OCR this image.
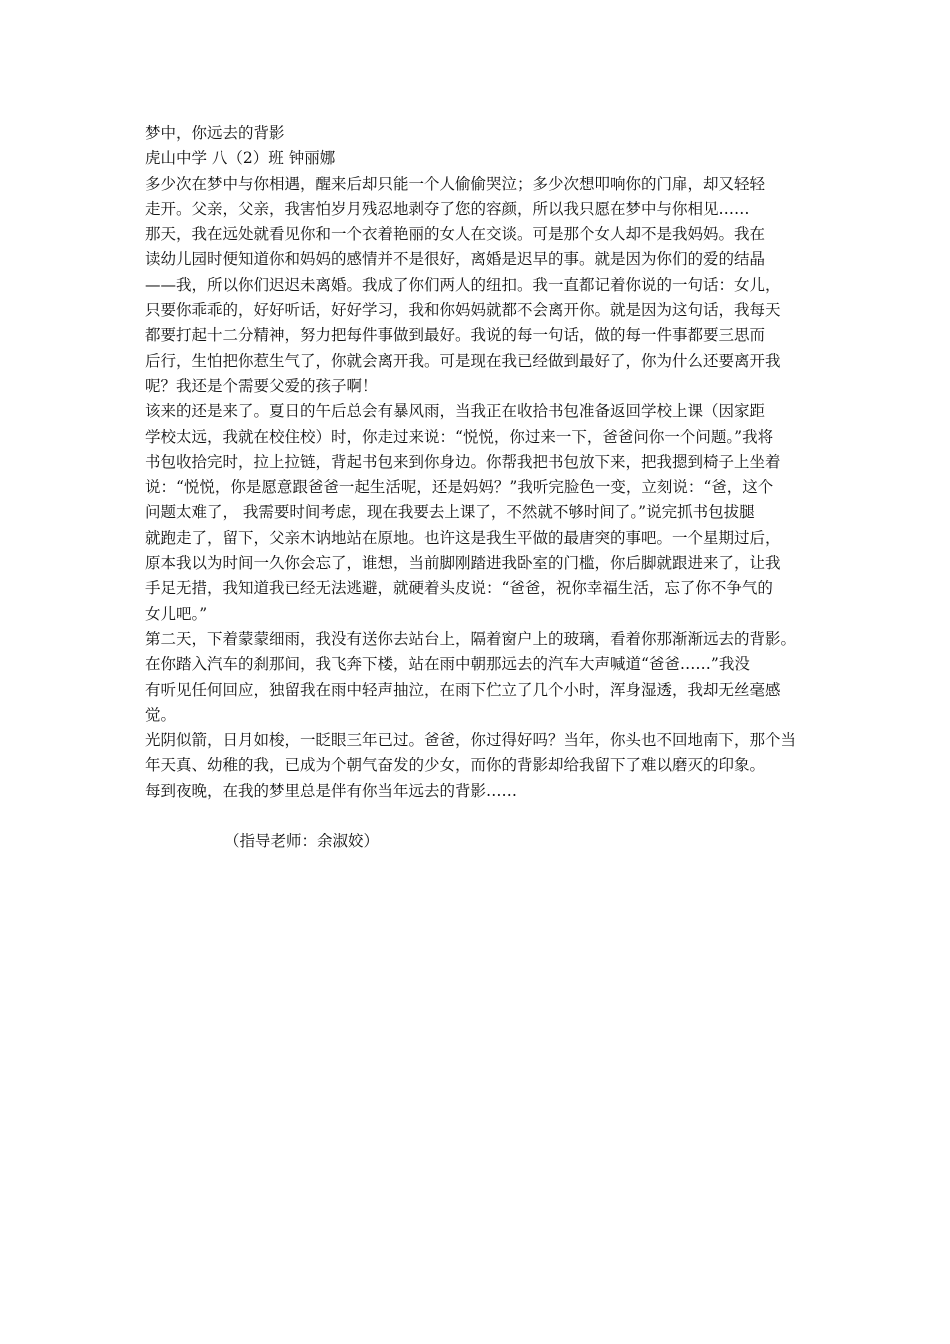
梦中，你远去的背影
虎山中学 八（2）班 钟丽娜
多少次在梦中与你相遇，醒来后却只能一个人偷偷哭泣；多少次想叩响你的门扉，却又轻轻
走开。父亲，父亲，我害怕岁月残忍地剥夺了您的容颜，所以我只愿在梦中与你相见……
那天，我在远处就看见你和一个衣着艳丽的女人在交谈。可是那个女人却不是我妈妈。我在
读幼儿园时便知道你和妈妈的感情并不是很好，离婚是迟早的事。就是因为你们的爱的结晶
——我，所以你们迟迟未离婚。我成了你们两人的纽扣。我一直都记着你说的一句话：女儿，
只要你乖乖的，好好听话，好好学习，我和你妈妈就都不会离开你。就是因为这句话，我每天
都要打起十二分精神，努力把每件事做到最好。我说的每一句话，做的每一件事都要三思而
后行，生怕把你惹生气了，你就会离开我。可是现在我已经做到最好了，你为什么还要离开我
呢？我还是个需要父爱的孩子啊！
该来的还是来了。夏日的午后总会有暴风雨，当我正在收拾书包准备返回学校上课（因家距
学校太远，我就在校住校）时，你走过来说：“悦悦，你过来一下，爸爸问你一个问题。”我将
书包收拾完时，拉上拉链，背起书包来到你身边。你帮我把书包放下来，把我摁到椅子上坐着
说：“悦悦，你是愿意跟爸爸一起生活呢，还是妈妈？”我听完脸色一变，立刻说：“爸，这个
问题太难了， 我需要时间考虑，现在我要去上课了，不然就不够时间了。”说完抓书包拔腿
就跑走了，留下，父亲木讷地站在原地。也许这是我生平做的最唐突的事吧。一个星期过后，
原本我以为时间一久你会忘了，谁想，当前脚刚踏进我卧室的门槛，你后脚就跟进来了，让我
手足无措，我知道我已经无法逃避，就硬着头皮说：“爸爸，祝你幸福生活，忘了你不争气的
女儿吧。”
第二天，下着蒙蒙细雨，我没有送你去站台上，隔着窗户上的玻璃，看着你那渐渐远去的背影。
在你踏入汽车的刹那间，我飞奔下楼，站在雨中朝那远去的汽车大声喊道“爸爸……”我没
有听见任何回应，独留我在雨中轻声抽泣，在雨下伫立了几个小时，浑身湿透，我却无丝毫感
觉。
光阴似箭，日月如梭，一眨眼三年已过。爸爸，你过得好吗？当年，你头也不回地南下，那个当
年天真、幼稚的我，已成为个朝气奋发的少女，而你的背影却给我留下了难以磨灭的印象。
每到夜晚，在我的梦里总是伴有你当年远去的背影……
（指导老师：余淑姣）
